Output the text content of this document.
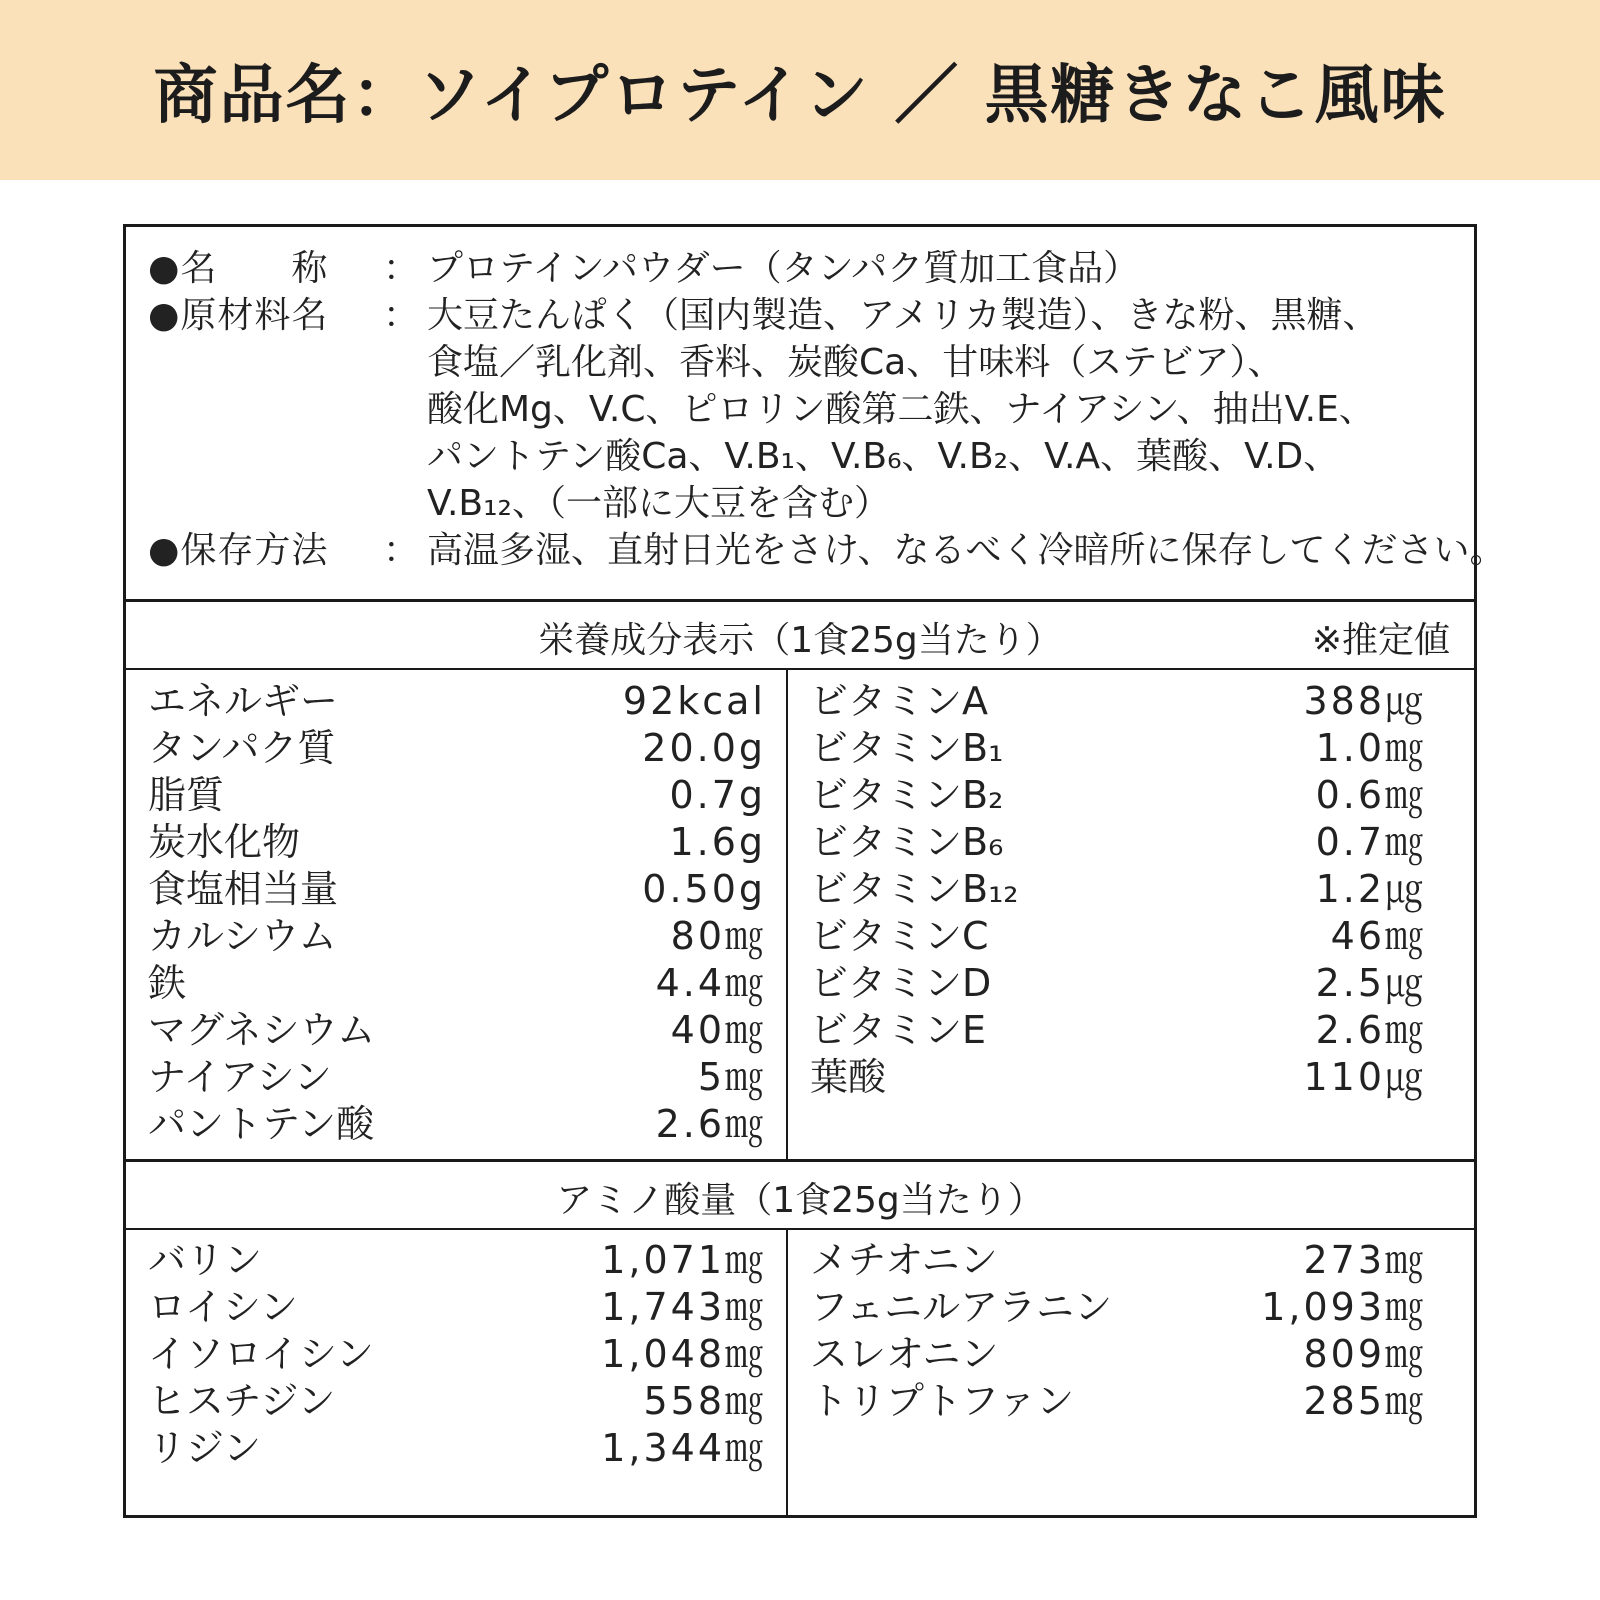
商品名：ソイプロテイン ／ 黒糖きなこ風味
●名　　称	： プロテインパウダー（タンパク質加工食品）
●原材料名	： 大豆たんぱく（国内製造、アメリカ製造）、きな粉、黒糖、
食塩／乳化剤、香料、炭酸Ca、甘味料（ステビア）、
酸化Mg、V.C、ピロリン酸第二鉄、ナイアシン、抽出V.E、
パントテン酸Ca、V.B₁、V.B₆、V.B₂、V.A、葉酸、V.D、
V.B₁₂、（一部に大豆を含む）
●保存方法	： 高温多湿、直射日光をさけ、なるべく冷暗所に保存してください。
栄養成分表示（1食25g当たり）	※推定値
エネルギー	92kcal
タンパク質	20.0g
脂質	0.7g
炭水化物	1.6g
食塩相当量	0.50g
カルシウム	80㎎
鉄	4.4㎎
マグネシウム	40㎎
ナイアシン	5㎎
パントテン酸	2.6㎎
ビタミンA	388㎍
ビタミンB₁	1.0㎎
ビタミンB₂	0.6㎎
ビタミンB₆	0.7㎎
ビタミンB₁₂	1.2㎍
ビタミンC	46㎎
ビタミンD	2.5㎍
ビタミンE	2.6㎎
葉酸	110㎍
アミノ酸量（1食25g当たり）
バリン	1,071㎎
ロイシン	1,743㎎
イソロイシン	1,048㎎
ヒスチジン	558㎎
リジン	1,344㎎
メチオニン	273㎎
フェニルアラニン	1,093㎎
スレオニン	809㎎
トリプトファン	285㎎
